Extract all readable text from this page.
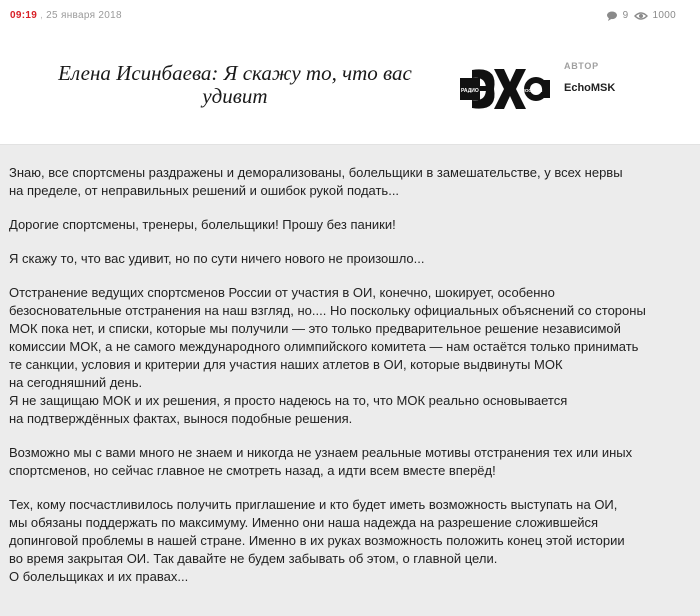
09:19 , 25 января 2018	9 1000
Елена Исинбаева: Я скажу то, что вас удивит	РАДИО	МОСКВЫ
АВТОР
EchoMSK

Знаю, все спортсмены раздражены и деморализованы, болельщики в замешательстве, у всех нервы
на пределе, от неправильных решений и ошибок рукой подать...

Дорогие спортсмены, тренеры, болельщики! Прошу без паники!

Я скажу то, что вас удивит, но по сути ничего нового не произошло...

Отстранение ведущих спортсменов России от участия в ОИ, конечно, шокирует, особенно
безосновательные отстранения на наш взгляд, но.... Но поскольку официальных объяснений со стороны
МОК пока нет, и списки, которые мы получили — это только предварительное решение независимой
комиссии МОК, а не самого международного олимпийского комитета — нам остаётся только принимать
те санкции, условия и критерии для участия наших атлетов в ОИ, которые выдвинуты МОК
на сегодняшний день.
Я не защищаю МОК и их решения, я просто надеюсь на то, что МОК реально основывается
на подтверждённых фактах, вынося подобные решения.

Возможно мы с вами много не знаем и никогда не узнаем реальные мотивы отстранения тех или иных
спортсменов, но сейчас главное не смотреть назад, а идти всем вместе вперёд!

Тех, кому посчастливилось получить приглашение и кто будет иметь возможность выступать на ОИ,
мы обязаны поддержать по максимуму. Именно они наша надежда на разрешение сложившейся
допинговой проблемы в нашей стране. Именно в их руках возможность положить конец этой истории
во время закрытая ОИ. Так давайте не будем забывать об этом, о главной цели.
О болельщиках и их правах...
